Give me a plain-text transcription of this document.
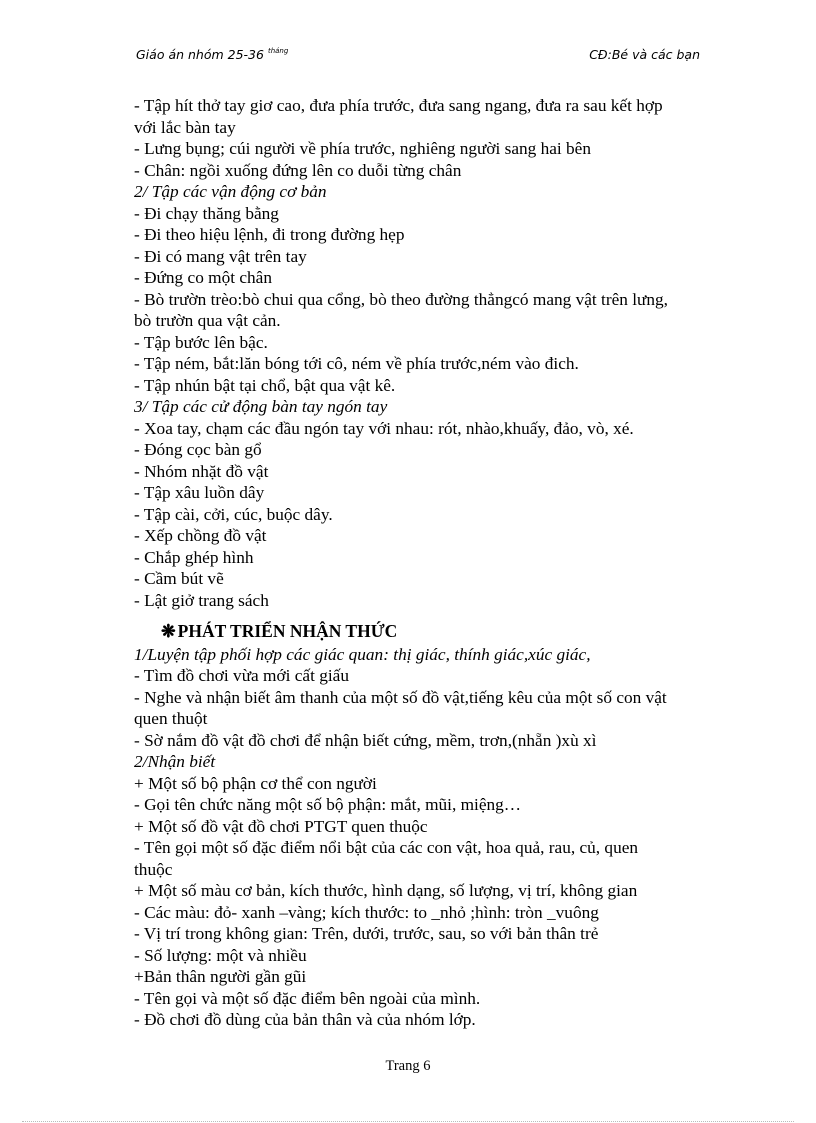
Giáo án nhóm 25-36 $^{tháng}$	CĐ:Bé và các bạn
- Tập hít thở tay giơ cao, đưa phía trước, đưa sang ngang, đưa ra sau kết hợp
với lắc bàn tay
- Lưng bụng; cúi người về phía trước, nghiêng người sang hai bên
- Chân: ngồi xuống đứng lên co duỗi từng chân
2/ Tập các vận động cơ bản
- Đi chạy thăng bằng
- Đi theo hiệu lệnh, đi trong đường hẹp
- Đi có mang vật trên tay
- Đứng co một chân
- Bò trườn trèo:bò chui qua cổng, bò theo đường thẳngcó mang vật trên lưng,
bò trườn qua vật cản.
- Tập bước lên bậc.
- Tập ném, bắt:lăn bóng tới cô, ném về phía trước,ném vào đich.
- Tập nhún bật tại chổ, bật qua vật kê.
3/ Tập các cử động bàn tay ngón tay
- Xoa tay, chạm các đầu ngón tay với nhau: rót, nhào,khuấy, đảo, vò, xé.
- Đóng cọc bàn gổ
- Nhóm nhặt đồ vật
- Tập xâu luồn dây
- Tập cài, cởi, cúc, buộc dây.
- Xếp chồng đồ vật
- Chắp ghép hình
- Cầm bút vẽ
- Lật giở trang sách
❋ PHÁT TRIỂN NHẬN THỨC
1/Luyện tập phối hợp các giác quan: thị giác, thính giác,xúc giác,
- Tìm đồ chơi vừa mới cất giấu
- Nghe và nhận biết âm thanh của một số đồ vật,tiếng kêu của một số con vật
quen thuột
- Sờ nắm đồ vật đồ chơi để nhận biết cứng, mềm, trơn,(nhẵn )xù xì
2/Nhận biết
+ Một số bộ phận cơ thể con người
- Gọi tên chức năng một số bộ phận: mắt, mũi, miệng…
+ Một số đồ vật đồ chơi PTGT quen thuộc
- Tên gọi một số đặc điểm nổi bật của các con vật, hoa quả, rau, củ, quen
thuộc
+ Một số màu cơ bản, kích thước, hình dạng, số lượng, vị trí, không gian
- Các màu: đỏ- xanh –vàng; kích thước: to _nhỏ ;hình: tròn _vuông
- Vị trí trong không gian: Trên, dưới, trước, sau, so với bản thân trẻ
- Số lượng: một và nhiều
+Bản thân người gần gũi
- Tên gọi và một số đặc điểm bên ngoài của mình.
- Đồ chơi đồ dùng của bản thân và của nhóm lớp.
Trang 6
